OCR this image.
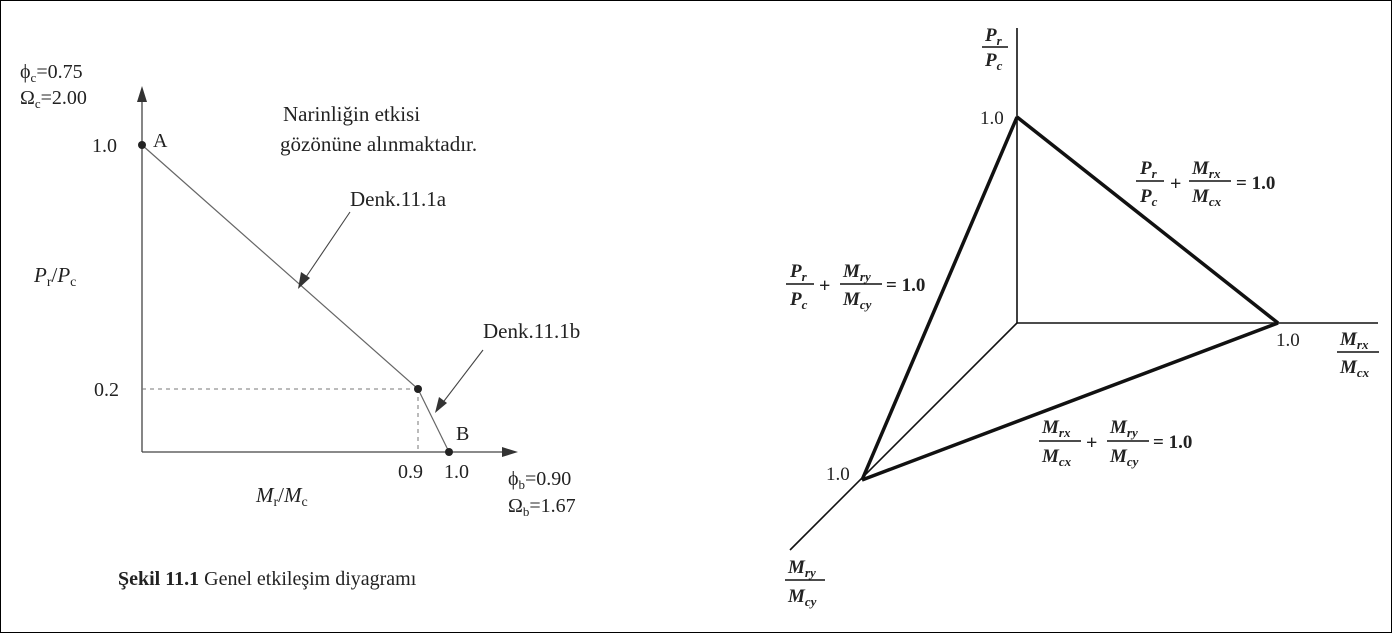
$\phi_c=0.75$
$\Omega_c=2.00$
1.0
0.2
A
B
Narinliğin etkisi
gözönüne alınmaktadır.
Denk.11.1a
Denk.11.1b
Pr/Pc
Mr/Mc
0.9 1.0 $\phi_b=0.90$
$\Omega_b=1.67$
Şekil 11.1 Genel etkileşim diyagramı
$P_r$
$P_c$
$M_{rx}$
$M_{cx}$
$M_{ry}$
$M_{cy}$
1.0
1.0
1.0
$P_r$
$P_c$
+
$M_{rx}$
$M_{cx}$
= 1.0
$P_r$
$P_c$
+
$M_{ry}$
$M_{cy}$
= 1.0
$M_{rx}$
$M_{cx}$
+
$M_{ry}$
$M_{cy}$
= 1.0
